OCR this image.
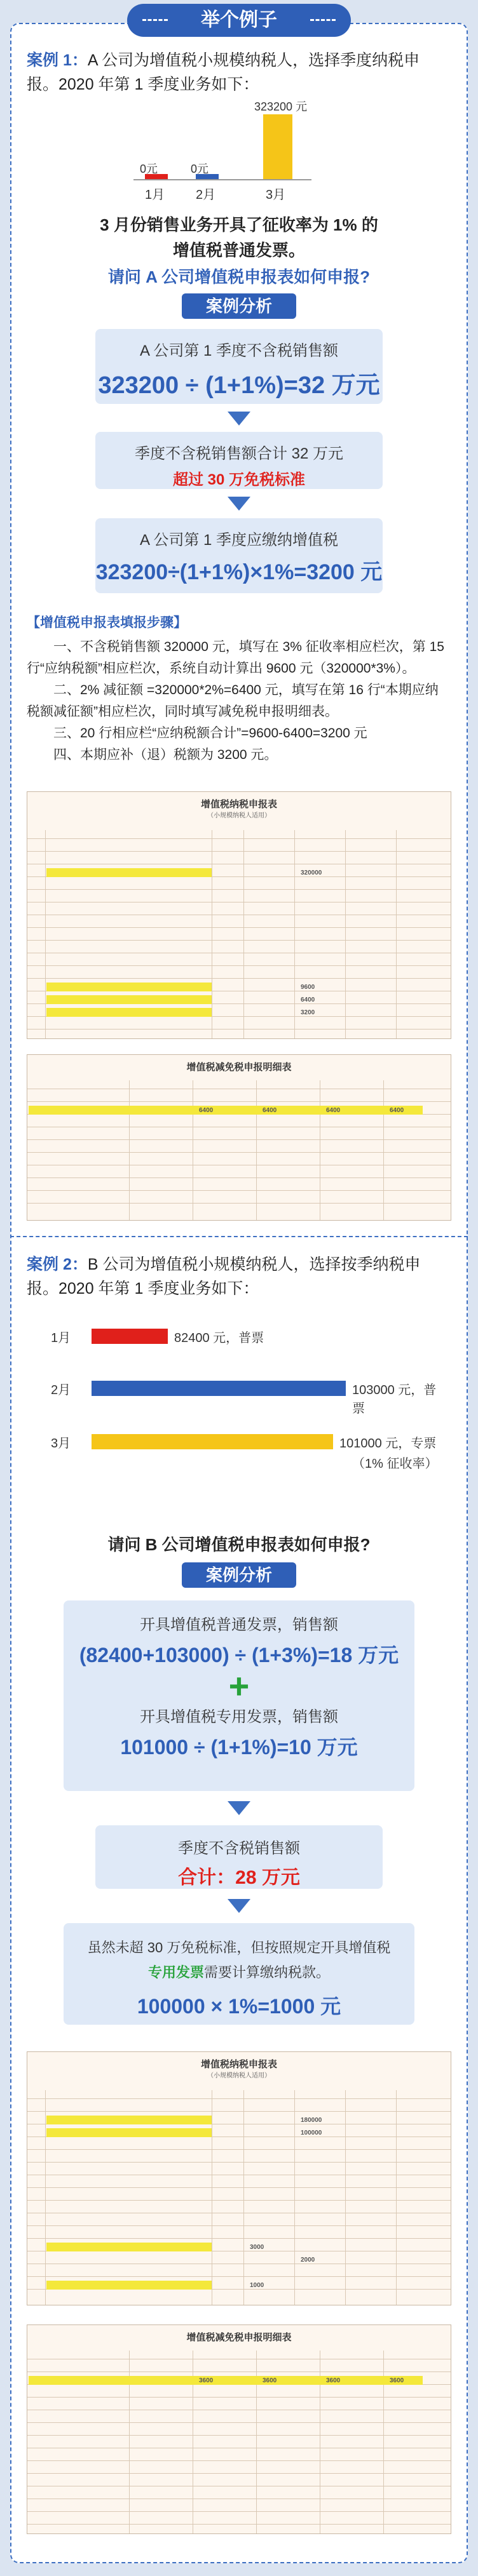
举个例子
案例 1：A 公司为增值税小规模纳税人，选择季度纳税申报。2020 年第 1 季度业务如下：
0元	0元
323200 元
1月 2月	3月
3 月份销售业务开具了征收率为 1% 的
增值税普通发票。
请问 A 公司增值税申报表如何申报?
案例分析
A 公司第 1 季度不含税销售额
323200 ÷ (1+1%)=32 万元
季度不含税销售额合计 32 万元
超过 30 万免税标准
A 公司第 1 季度应缴纳增值税
323200÷(1+1%)×1%=3200 元
【增值税申报表填报步骤】
一、不含税销售额 320000 元，填写在 3% 征收率相应栏次，第 15 行“应纳税额”相应栏次，系统自动计算出 9600 元（320000*3%）。
二、2% 减征额 =320000*2%=6400 元，填写在第 16 行“本期应纳税额减征额”相应栏次，同时填写减免税申报明细表。
三、20 行相应栏“应纳税额合计”=9600-6400=3200 元
四、本期应补（退）税额为 3200 元。
增值税纳税申报表
（小规模纳税人适用）
320000
9600
6400
3200
增值税减免税申报明细表
6400	6400	6400	6400
案例 2：B 公司为增值税小规模纳税人，选择按季纳税申报。2020 年第 1 季度业务如下：
1月	82400 元，普票
2月	103000 元，普票
3月	101000 元，专票
（1% 征收率）
请问 B 公司增值税申报表如何申报?
案例分析
开具增值税普通发票，销售额
(82400+103000) ÷ (1+3%)=18 万元
+
开具增值税专用发票，销售额
101000 ÷ (1+1%)=10 万元
季度不含税销售额
合计：28 万元
虽然未超 30 万免税标准，但按照规定开具增值税
专用发票需要计算缴纳税款。
100000 × 1%=1000 元
增值税纳税申报表
（小规模纳税人适用）
180000
100000
3000
2000
1000
增值税减免税申报明细表
3600	3600	3600	3600
